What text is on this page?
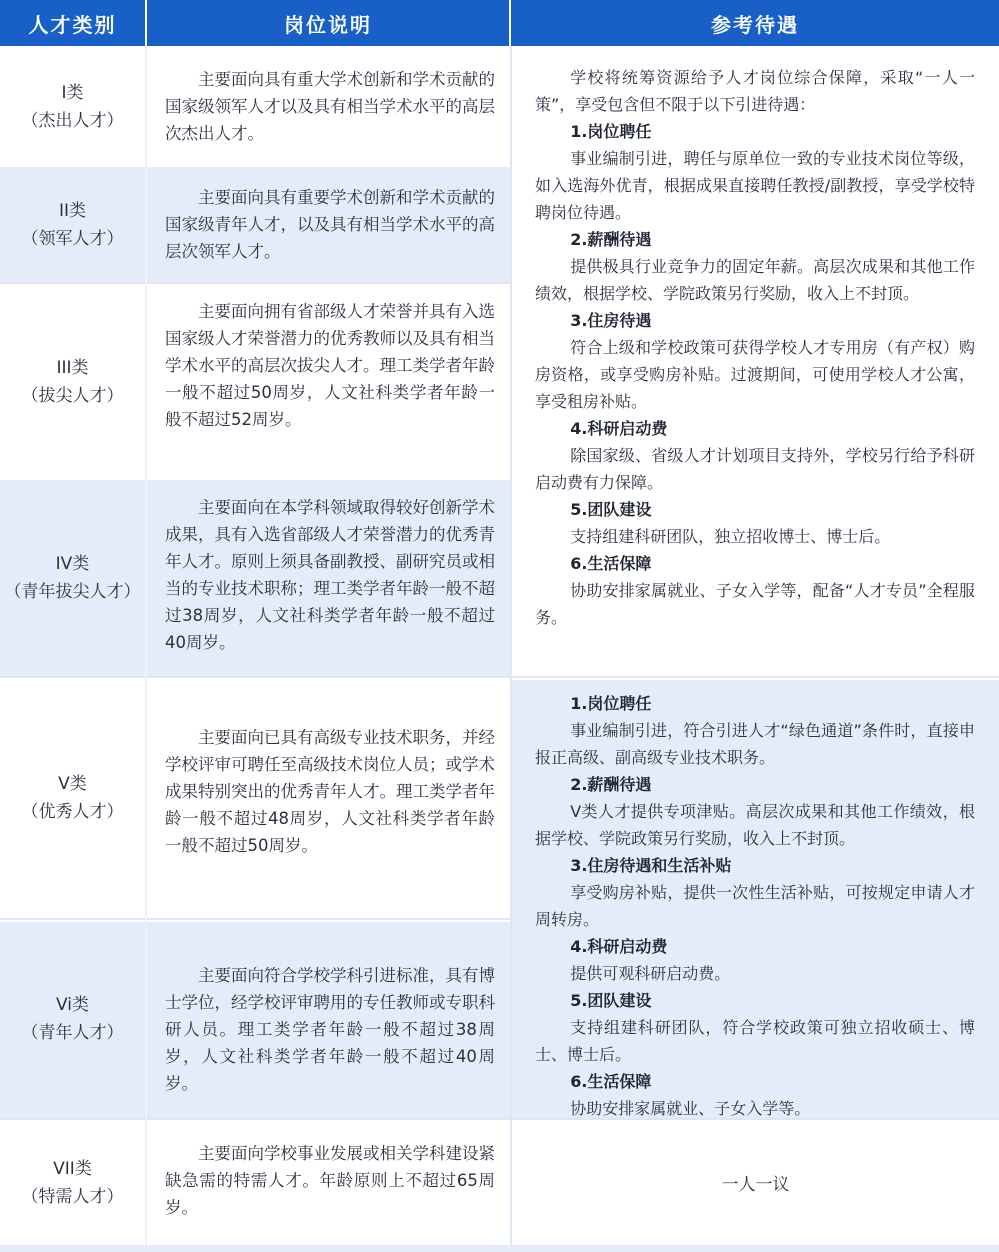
人才类别	岗位说明	参考待遇
I类
（杰出人才）
II类
（领军人才）
III类
（拔尖人才）
IV类
（青年拔尖人才）
V类
（优秀人才）
Vi类
（青年人才）
VII类
（特需人才）
主要面向具有重大学术创新和学术贡献的国家级领军人才以及具有相当学术水平的高层次杰出人才。
主要面向具有重要学术创新和学术贡献的国家级青年人才，以及具有相当学术水平的高层次领军人才。
主要面向拥有省部级人才荣誉并具有入选国家级人才荣誉潜力的优秀教师以及具有相当学术水平的高层次拔尖人才。理工类学者年龄一般不超过50周岁，人文社科类学者年龄一般不超过52周岁。
主要面向在本学科领域取得较好创新学术成果，具有入选省部级人才荣誉潜力的优秀青年人才。原则上须具备副教授、副研究员或相当的专业技术职称；理工类学者年龄一般不超过38周岁，人文社科类学者年龄一般不超过40周岁。
主要面向已具有高级专业技术职务，并经学校评审可聘任至高级技术岗位人员；或学术成果特别突出的优秀青年人才。理工类学者年龄一般不超过48周岁，人文社科类学者年龄一般不超过50周岁。
主要面向符合学校学科引进标准，具有博士学位，经学校评审聘用的专任教师或专职科研人员。理工类学者年龄一般不超过38周岁，人文社科类学者年龄一般不超过40周岁。
主要面向学校事业发展或相关学科建设紧缺急需的特需人才。年龄原则上不超过65周岁。

学校将统筹资源给予人才岗位综合保障，采取“一人一策”，享受包含但不限于以下引进待遇：

1.岗位聘任

事业编制引进，聘任与原单位一致的专业技术岗位等级，如入选海外优青，根据成果直接聘任教授/副教授，享受学校特聘岗位待遇。

2.薪酬待遇

提供极具行业竞争力的固定年薪。高层次成果和其他工作绩效，根据学校、学院政策另行奖励，收入上不封顶。

3.住房待遇

符合上级和学校政策可获得学校人才专用房（有产权）购房资格，或享受购房补贴。过渡期间，可使用学校人才公寓，享受租房补贴。

4.科研启动费

除国家级、省级人才计划项目支持外，学校另行给予科研启动费有力保障。

5.团队建设

支持组建科研团队，独立招收博士、博士后。

6.生活保障

协助安排家属就业、子女入学等，配备“人才专员”全程服务。

1.岗位聘任

事业编制引进，符合引进人才“绿色通道”条件时，直接申报正高级、副高级专业技术职务。

2.薪酬待遇

V类人才提供专项津贴。高层次成果和其他工作绩效，根据学校、学院政策另行奖励，收入上不封顶。

3.住房待遇和生活补贴

享受购房补贴，提供一次性生活补贴，可按规定申请人才周转房。

4.科研启动费

提供可观科研启动费。

5.团队建设

支持组建科研团队，符合学校政策可独立招收硕士、博士、博士后。

6.生活保障

协助安排家属就业、子女入学等。

一人一议
